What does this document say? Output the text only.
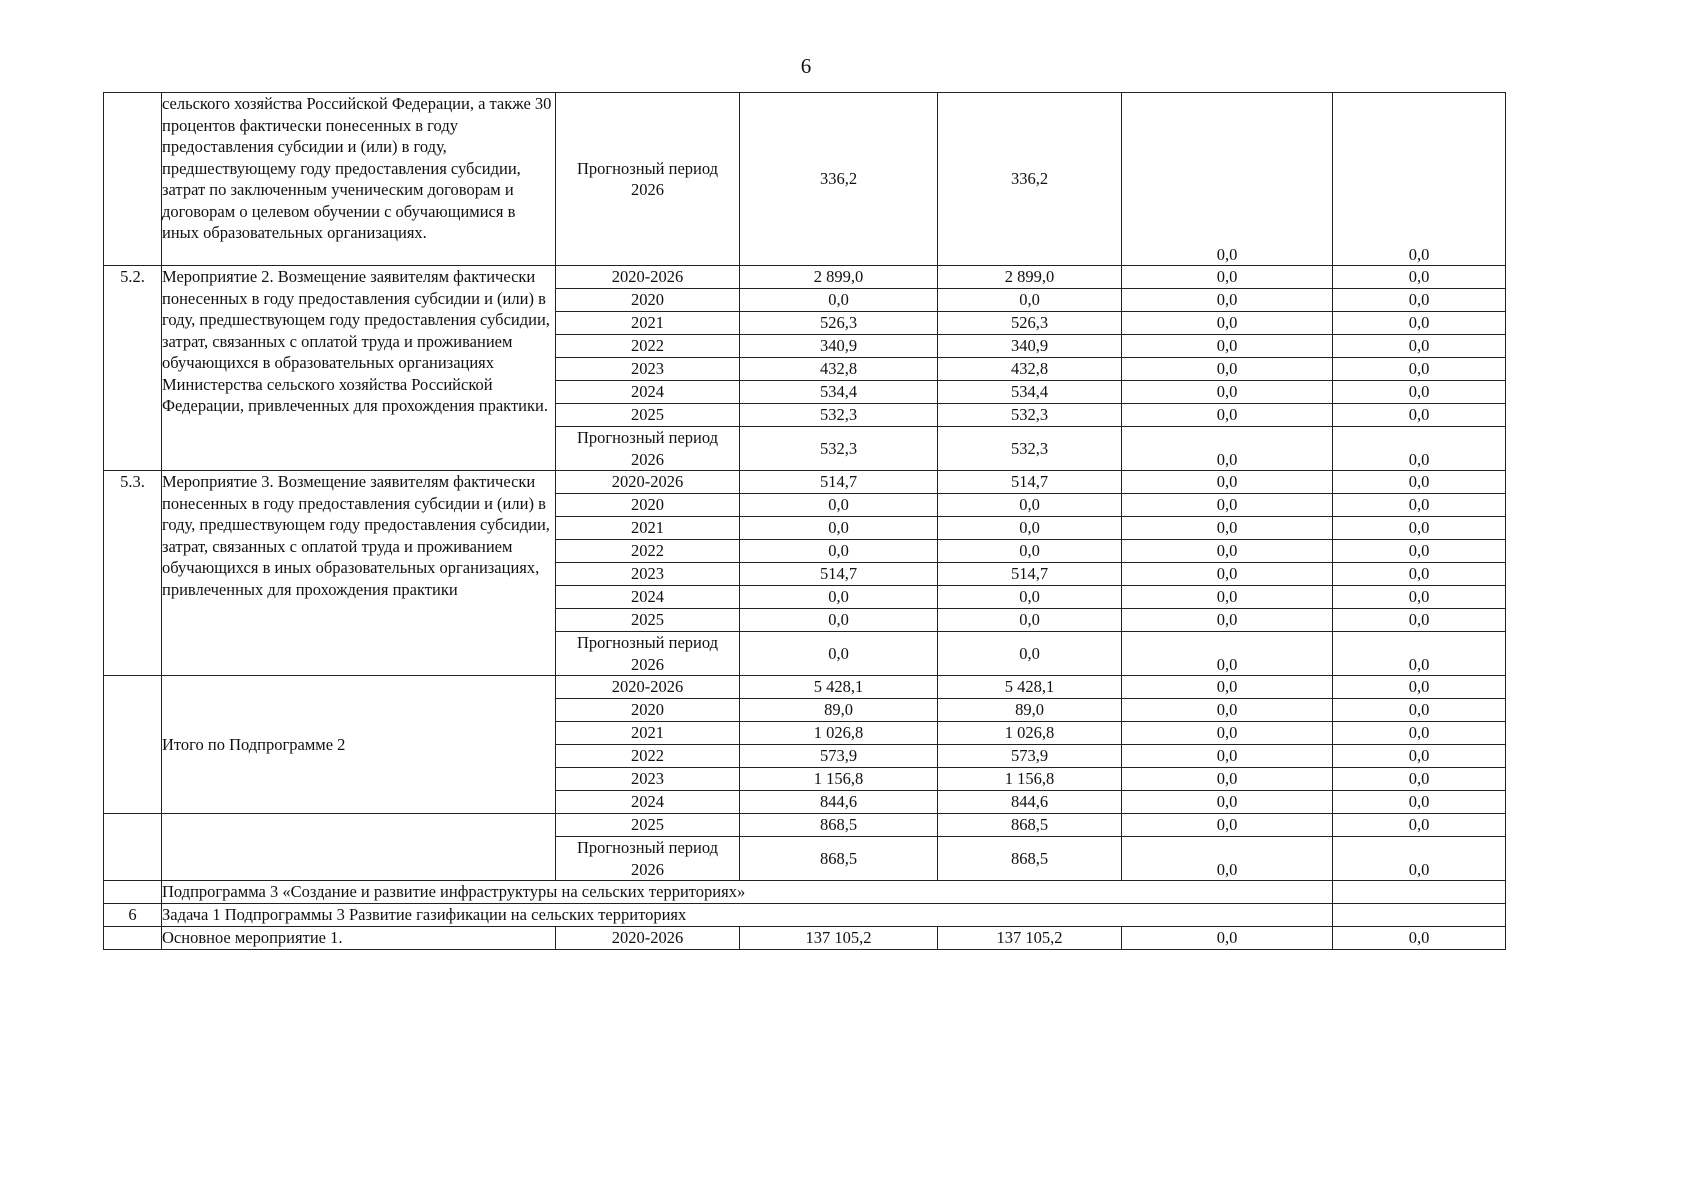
6
	сельского хозяйства Российской Федерации, а также 30 процентов фактически понесенных в году предоставления субсидии и (или) в году, предшествующему году предоставления субсидии, затрат по заключенным ученическим договорам и договорам о целевом обучении с обучающимися в иных образовательных организациях.	Прогнозный период
2026	336,2	336,2	0,0	0,0
5.2.	Мероприятие 2. Возмещение заявителям фактически понесенных в году предоставления субсидии и (или) в году, предшествующем году предоставления субсидии, затрат, связанных с оплатой труда и проживанием обучающихся в образовательных организациях Министерства сельского хозяйства Российской Федерации, привлеченных для прохождения практики.	2020-2026	2 899,0	2 899,0	0,0	0,0
		2020	0,0	0,0	0,0	0,0
		2021	526,3	526,3	0,0	0,0
		2022	340,9	340,9	0,0	0,0
		2023	432,8	432,8	0,0	0,0
		2024	534,4	534,4	0,0	0,0
		2025	532,3	532,3	0,0	0,0
		Прогнозный период
2026	532,3	532,3	0,0	0,0
5.3.	Мероприятие 3. Возмещение заявителям фактически понесенных в году предоставления субсидии и (или) в году, предшествующем году предоставления субсидии, затрат, связанных с оплатой труда и проживанием обучающихся в иных образовательных организациях, привлеченных для прохождения практики	2020-2026	514,7	514,7	0,0	0,0
		2020	0,0	0,0	0,0	0,0
		2021	0,0	0,0	0,0	0,0
		2022	0,0	0,0	0,0	0,0
		2023	514,7	514,7	0,0	0,0
		2024	0,0	0,0	0,0	0,0
		2025	0,0	0,0	0,0	0,0
		Прогнозный период
2026	0,0	0,0	0,0	0,0
	Итого по Подпрограмме 2	2020-2026	5 428,1	5 428,1	0,0	0,0
		2020	89,0	89,0	0,0	0,0
		2021	1 026,8	1 026,8	0,0	0,0
		2022	573,9	573,9	0,0	0,0
		2023	1 156,8	1 156,8	0,0	0,0
		2024	844,6	844,6	0,0	0,0
		2025	868,5	868,5	0,0	0,0
		Прогнозный период
2026	868,5	868,5	0,0	0,0
	Подпрограмма 3 «Создание и развитие инфраструктуры на сельских территориях»					
6	Задача 1 Подпрограммы 3 Развитие газификации на сельских территориях					
	Основное мероприятие 1.	2020-2026	137 105,2	137 105,2	0,0	0,0
